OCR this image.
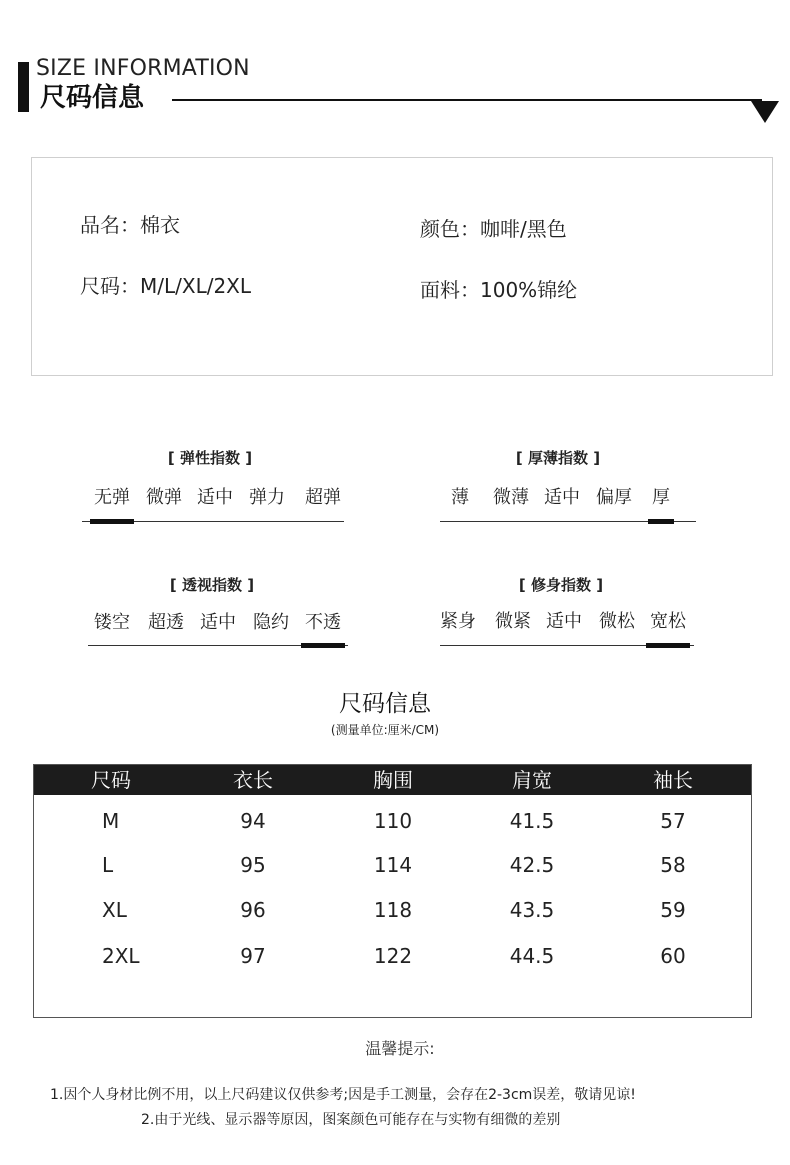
SIZE INFORMATION
尺码信息
品名：棉衣	颜色：咖啡/黑色
尺码：M/L/XL/2XL	面料：100%锦纶
[ 弹性指数 ]
无弹 微弹 适中 弹力 超弹
[ 厚薄指数 ]
薄 微薄 适中 偏厚 厚
[ 透视指数 ]
镂空 超透 适中 隐约 不透
[ 修身指数 ]
紧身 微紧 适中 微松 宽松
尺码信息
(测量单位:厘米/CM)
尺码	衣长	胸围	肩宽	袖长
M	94	110	41.5	57
L	95	114	42.5	58
XL	96	118	43.5	59
2XL	97	122	44.5	60
温馨提示:
1.因个人身材比例不用，以上尺码建议仅供参考;因是手工测量，会存在2-3cm误差，敬请见谅!
2.由于光线、显示器等原因，图案颜色可能存在与实物有细微的差别
